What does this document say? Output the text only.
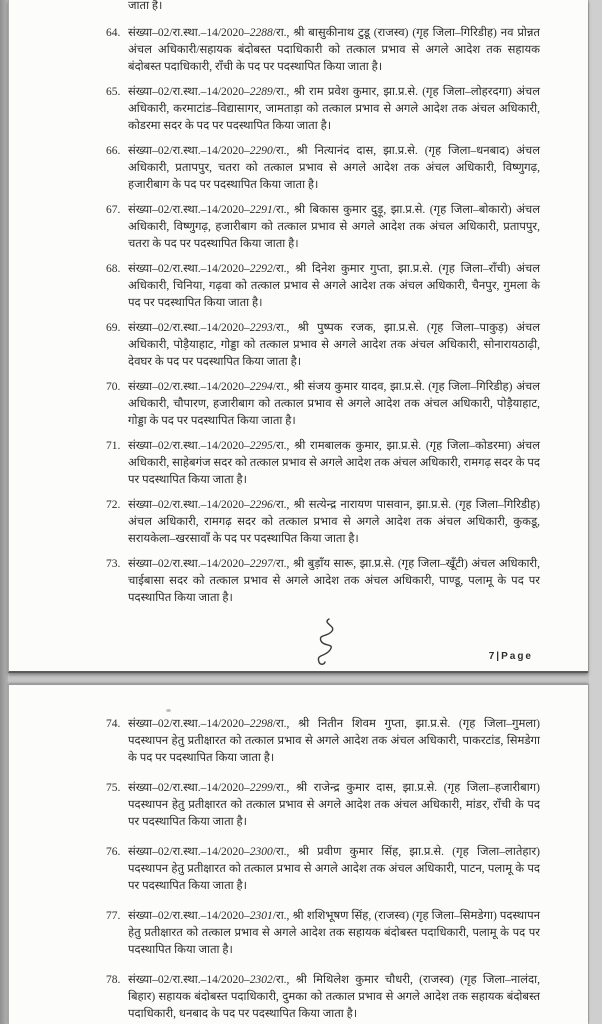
जाता है।
64. संख्या–02/रा.स्था.–14/2020–2288/रा., श्री बासुकीनाथ टुडू (राजस्व) (गृह जिला–गिरिडीह) नव प्रोन्नत अंचल अधिकारी/सहायक बंदोबस्त पदाधिकारी को तत्काल प्रभाव से अगले आदेश तक सहायक बंदोबस्त पदाधिकारी, राँची के पद पर पदस्थापित किया जाता है।
65. संख्या–02/रा.स्था.–14/2020–2289/रा., श्री राम प्रवेश कुमार, झा.प्र.से. (गृह जिला–लोहरदगा) अंचल अधिकारी, करमाटांड–विद्यासागर, जामताड़ा को तत्काल प्रभाव से अगले आदेश तक अंचल अधिकारी, कोडरमा सदर के पद पर पदस्थापित किया जाता है।
66. संख्या–02/रा.स्था.–14/2020–2290/रा., श्री नित्यानंद दास, झा.प्र.से. (गृह जिला–धनबाद) अंचल अधिकारी, प्रतापपुर, चतरा को तत्काल प्रभाव से अगले आदेश तक अंचल अधिकारी, विष्णुगढ़, हजारीबाग के पद पर पदस्थापित किया जाता है।
67. संख्या–02/रा.स्था.–14/2020–2291/रा., श्री बिकास कुमार दुड़ू, झा.प्र.से. (गृह जिला–बोकारो) अंचल अधिकारी, विष्णुगढ़, हजारीबाग को तत्काल प्रभाव से अगले आदेश तक अंचल अधिकारी, प्रतापपुर, चतरा के पद पर पदस्थापित किया जाता है।
68. संख्या–02/रा.स्था.–14/2020–2292/रा., श्री दिनेश कुमार गुप्ता, झा.प्र.से. (गृह जिला–राँची) अंचल अधिकारी, चिनिया, गढ़वा को तत्काल प्रभाव से अगले आदेश तक अंचल अधिकारी, चैनपुर, गुमला के पद पर पदस्थापित किया जाता है।
69. संख्या–02/रा.स्था.–14/2020–2293/रा., श्री पुष्पक रजक, झा.प्र.से. (गृह जिला–पाकुड़) अंचल अधिकारी, पोड़ैयाहाट, गोड्डा को तत्काल प्रभाव से अगले आदेश तक अंचल अधिकारी, सोनारायठाढ़ी, देवघर के पद पर पदस्थापित किया जाता है।
70. संख्या–02/रा.स्था.–14/2020–2294/रा., श्री संजय कुमार यादव, झा.प्र.से. (गृह जिला–गिरिडीह) अंचल अधिकारी, चौपारण, हजारीबाग को तत्काल प्रभाव से अगले आदेश तक अंचल अधिकारी, पोड़ैयाहाट, गोड्डा के पद पर पदस्थापित किया जाता है।
71. संख्या–02/रा.स्था.–14/2020–2295/रा., श्री रामबालक कुमार, झा.प्र.से. (गृह जिला–कोडरमा) अंचल अधिकारी, साहेबगंज सदर को तत्काल प्रभाव से अगले आदेश तक अंचल अधिकारी, रामगढ़ सदर के पद पर पदस्थापित किया जाता है।
72. संख्या–02/रा.स्था.–14/2020–2296/रा., श्री सत्येन्द्र नारायण पासवान, झा.प्र.से. (गृह जिला–गिरिडीह) अंचल अधिकारी, रामगढ़ सदर को तत्काल प्रभाव से अगले आदेश तक अंचल अधिकारी, कुकडू, सरायकेला–खरसावाँ के पद पर पदस्थापित किया जाता है।
73. संख्या–02/रा.स्था.–14/2020–2297/रा., श्री बुड़ाँय सारू, झा.प्र.से. (गृह जिला–खूँटी) अंचल अधिकारी, चाईबासा सदर को तत्काल प्रभाव से अगले आदेश तक अंचल अधिकारी, पाण्डू, पलामू के पद पर पदस्थापित किया जाता है।
7|Page
74. संख्या–02/रा.स्था.–14/2020–2298/रा., श्री नितीन शिवम गुप्ता, झा.प्र.से. (गृह जिला–गुमला) पदस्थापन हेतु प्रतीक्षारत को तत्काल प्रभाव से अगले आदेश तक अंचल अधिकारी, पाकरटांड, सिमडेगा के पद पर पदस्थापित किया जाता है।
75. संख्या–02/रा.स्था.–14/2020–2299/रा., श्री राजेन्द्र कुमार दास, झा.प्र.से. (गृह जिला–हजारीबाग) पदस्थापन हेतु प्रतीक्षारत को तत्काल प्रभाव से अगले आदेश तक अंचल अधिकारी, मांडर, राँची के पद पर पदस्थापित किया जाता है।
76. संख्या–02/रा.स्था.–14/2020–2300/रा., श्री प्रवीण कुमार सिंह, झा.प्र.से. (गृह जिला–लातेहार) पदस्थापन हेतु प्रतीक्षारत को तत्काल प्रभाव से अगले आदेश तक अंचल अधिकारी, पाटन, पलामू के पद पर पदस्थापित किया जाता है।
77. संख्या–02/रा.स्था.–14/2020–2301/रा., श्री शशिभूषण सिंह, (राजस्व) (गृह जिला–सिमडेगा) पदस्थापन हेतु प्रतीक्षारत को तत्काल प्रभाव से अगले आदेश तक सहायक बंदोबस्त पदाधिकारी, पलामू के पद पर पदस्थापित किया जाता है।
78. संख्या–02/रा.स्था.–14/2020–2302/रा., श्री मिथिलेश कुमार चौधरी, (राजस्व) (गृह जिला–नालंदा, बिहार) सहायक बंदोबस्त पदाधिकारी, दुमका को तत्काल प्रभाव से अगले आदेश तक सहायक बंदोबस्त पदाधिकारी, धनबाद के पद पर पदस्थापित किया जाता है।
